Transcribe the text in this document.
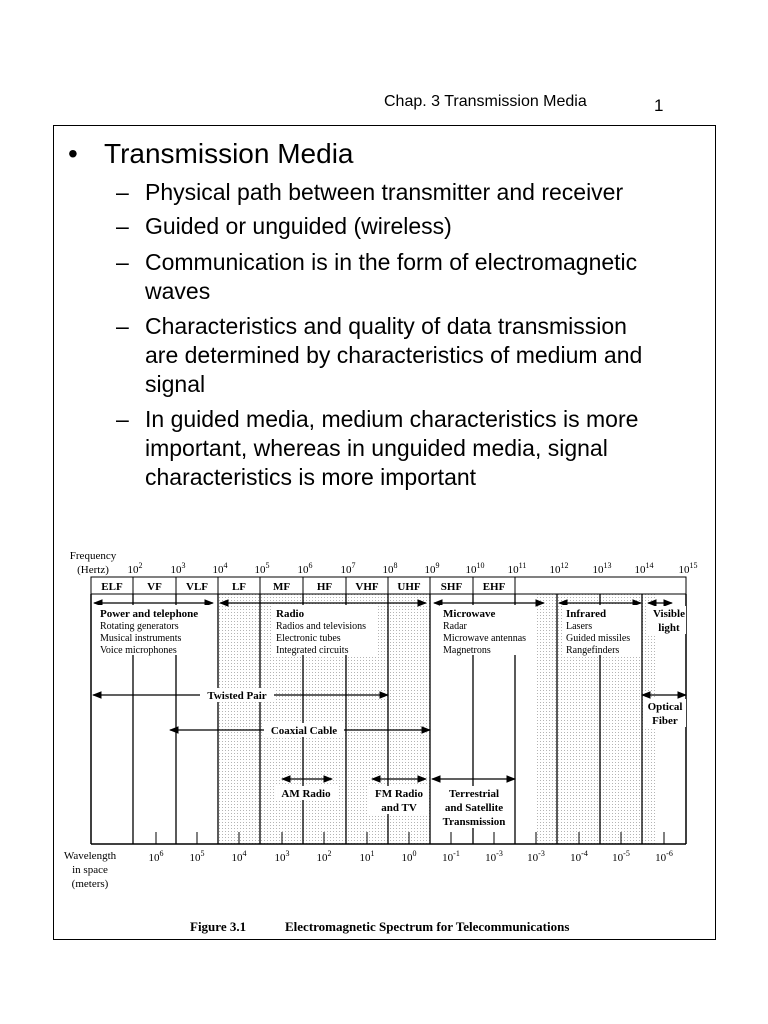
Chap. 3 Transmission Media	1
• Transmission Media
– Physical path between transmitter and receiver
– Guided or unguided (wireless)
– Communication is in the form of electromagnetic
waves
– Characteristics and quality of data transmission
are determined by characteristics of medium and
signal
– In guided media, medium characteristics is more
important, whereas in unguided media, signal
characteristics is more important
ELF VF VLF LF MF HF VHF UHF SHF EHF
$10^2$	$10^3$ $10^4$ $10^5$	$10^6$	$10^7$ $10^8$ $10^9$ $10^{10}$ $10^{11}$ $10^{12}$ $10^{13}$ $10^{14}$ $10^{15}$
$10^6$ $10^5$ $10^4$	$10^3$ $10^2$	$10^1$ $10^0$ $10^{-1}$ $10^{-3}$ $10^{-3}$ $10^{-4}$ $10^{-5}$ $10^{-6}$
Frequency
(Hertz)
Wavelength
in space
(meters)
Power and telephone
Rotating generators
Musical instruments
Voice microphones
Radio
Radios and televisions
Electronic tubes
Integrated circuits
Microwave
Radar
Microwave antennas
Magnetrons
Infrared
Lasers
Guided missiles
Rangefinders
Visible
light
Twisted Pair
Coaxial Cable
Optical
Fiber
AM Radio	FM Radio
and TV
Terrestrial
and Satellite
Transmission
Figure 3.1	Electromagnetic Spectrum for Telecommunications
